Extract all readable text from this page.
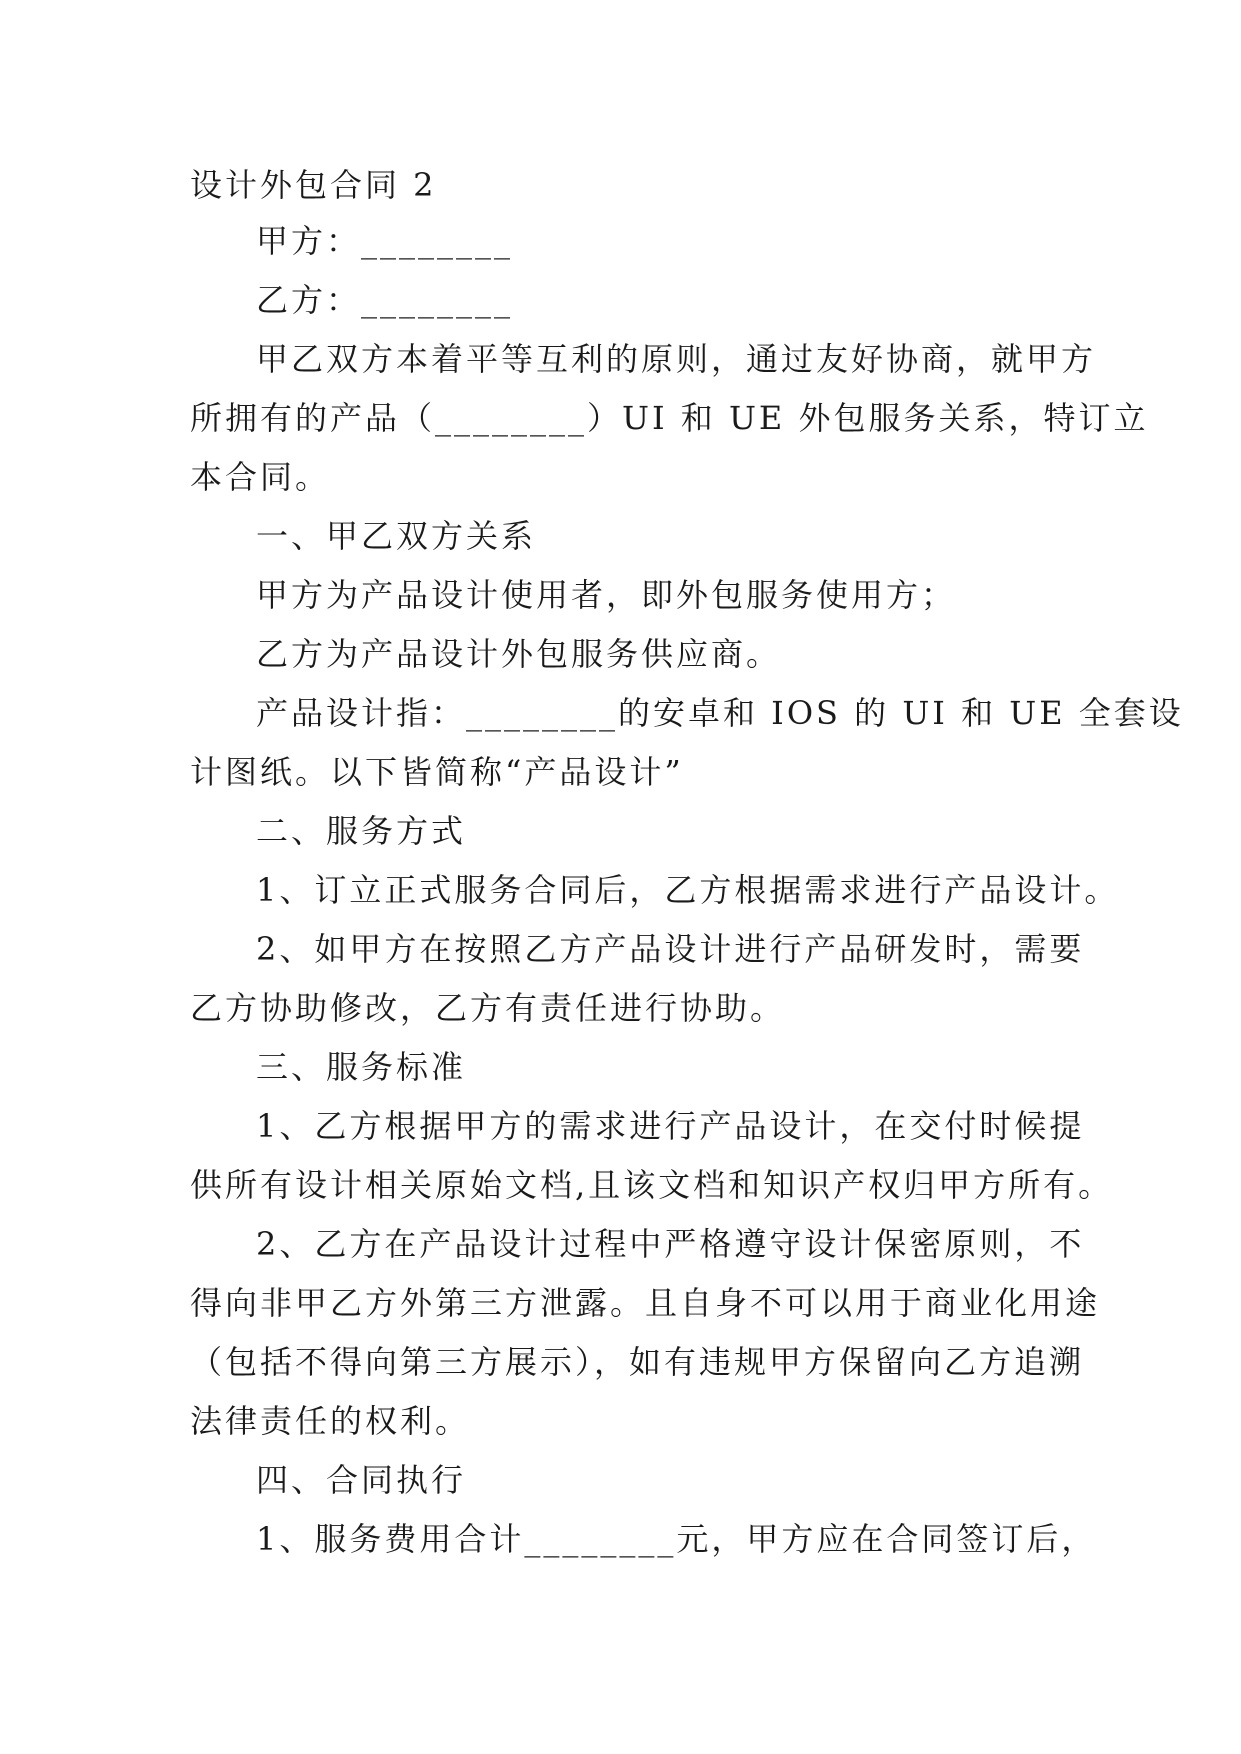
设计外包合同 2
甲方：________
乙方：________
甲乙双方本着平等互利的原则，通过友好协商，就甲方
所拥有的产品（________）UI 和 UE 外包服务关系，特订立
本合同。
一、甲乙双方关系
甲方为产品设计使用者，即外包服务使用方；
乙方为产品设计外包服务供应商。
产品设计指：________的安卓和 IOS 的 UI 和 UE 全套设
计图纸。以下皆简称“产品设计”
二、服务方式
1、订立正式服务合同后，乙方根据需求进行产品设计。
2、如甲方在按照乙方产品设计进行产品研发时，需要
乙方协助修改，乙方有责任进行协助。
三、服务标准
1、乙方根据甲方的需求进行产品设计，在交付时候提
供所有设计相关原始文档,且该文档和知识产权归甲方所有。
2、乙方在产品设计过程中严格遵守设计保密原则，不
得向非甲乙方外第三方泄露。且自身不可以用于商业化用途
（包括不得向第三方展示），如有违规甲方保留向乙方追溯
法律责任的权利。
四、合同执行
1、服务费用合计________元，甲方应在合同签订后，
